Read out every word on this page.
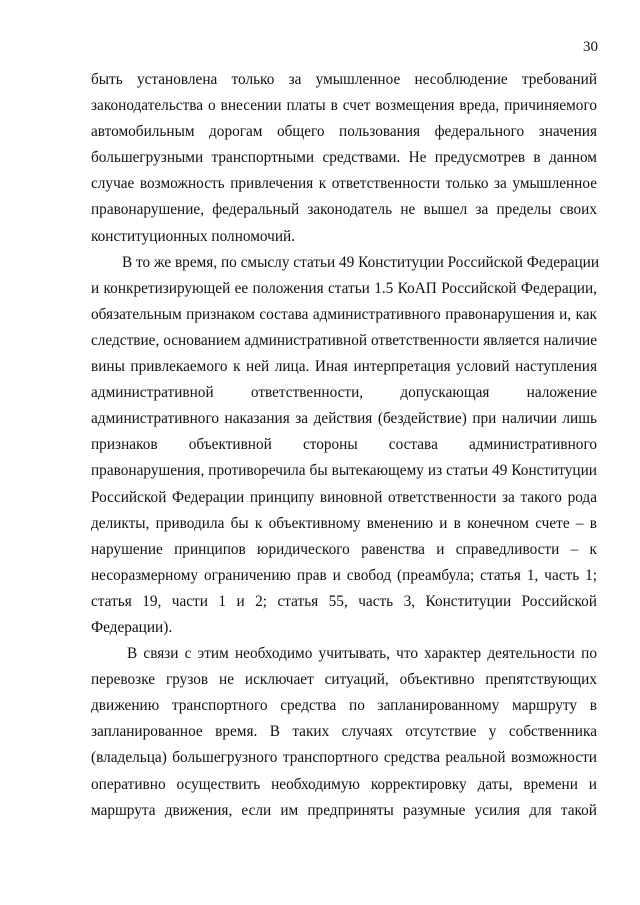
30
быть установлена только за умышленное несоблюдение требований
законодательства о внесении платы в счет возмещения вреда, причиняемого
автомобильным дорогам общего пользования федерального значения
большегрузными транспортными средствами. Не предусмотрев в данном
случае возможность привлечения к ответственности только за умышленное
правонарушение, федеральный законодатель не вышел за пределы своих
конституционных полномочий.
В то же время, по смыслу статьи 49 Конституции Российской Федерации
и конкретизирующей ее положения статьи 1.5 КоАП Российской Федерации,
обязательным признаком состава административного правонарушения и, как
следствие, основанием административной ответственности является наличие
вины привлекаемого к ней лица. Иная интерпретация условий наступления
административной ответственности, допускающая наложение
административного наказания за действия (бездействие) при наличии лишь
признаков объективной стороны состава административного
правонарушения, противоречила бы вытекающему из статьи 49 Конституции
Российской Федерации принципу виновной ответственности за такого рода
деликты, приводила бы к объективному вменению и в конечном счете – в
нарушение принципов юридического равенства и справедливости – к
несоразмерному ограничению прав и свобод (преамбула; статья 1, часть 1;
статья 19, части 1 и 2; статья 55, часть 3, Конституции Российской
Федерации).
В связи с этим необходимо учитывать, что характер деятельности по
перевозке грузов не исключает ситуаций, объективно препятствующих
движению транспортного средства по запланированному маршруту в
запланированное время. В таких случаях отсутствие у собственника
(владельца) большегрузного транспортного средства реальной возможности
оперативно осуществить необходимую корректировку даты, времени и
маршрута движения, если им предприняты разумные усилия для такой
